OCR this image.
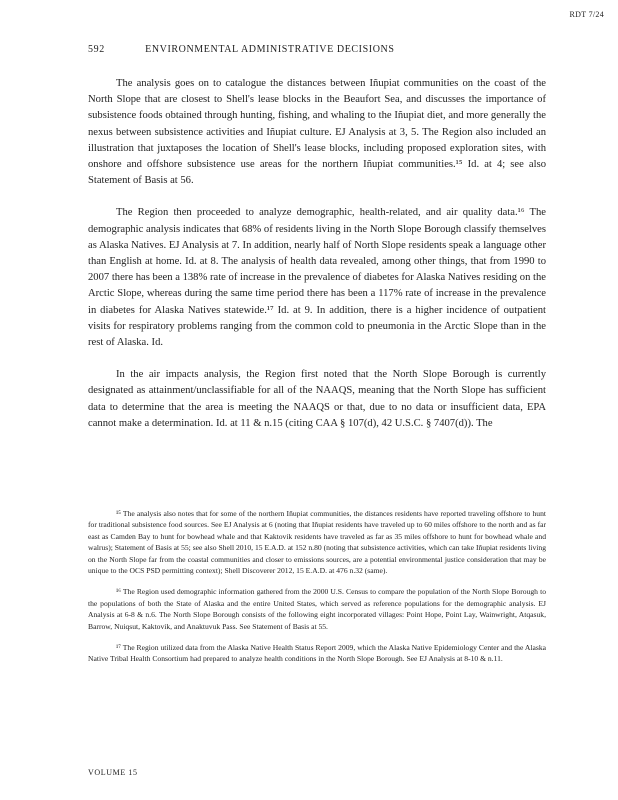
RDT 7/24
592	ENVIRONMENTAL ADMINISTRATIVE DECISIONS

The analysis goes on to catalogue the distances between Iñupiat communities on the coast of the North Slope that are closest to Shell's lease blocks in the Beaufort Sea, and discusses the importance of subsistence foods obtained through hunting, fishing, and whaling to the Iñupiat diet, and more generally the nexus between subsistence activities and Iñupiat culture. EJ Analysis at 3, 5. The Region also included an illustration that juxtaposes the location of Shell's lease blocks, including proposed exploration sites, with onshore and offshore subsistence use areas for the northern Iñupiat communities.¹⁵ Id. at 4; see also Statement of Basis at 56.

The Region then proceeded to analyze demographic, health-related, and air quality data.¹⁶ The demographic analysis indicates that 68% of residents living in the North Slope Borough classify themselves as Alaska Natives. EJ Analysis at 7. In addition, nearly half of North Slope residents speak a language other than English at home. Id. at 8. The analysis of health data revealed, among other things, that from 1990 to 2007 there has been a 138% rate of increase in the prevalence of diabetes for Alaska Natives residing on the Arctic Slope, whereas during the same time period there has been a 117% rate of increase in the prevalence in diabetes for Alaska Natives statewide.¹⁷ Id. at 9. In addition, there is a higher incidence of outpatient visits for respiratory problems ranging from the common cold to pneumonia in the Arctic Slope than in the rest of Alaska. Id.

In the air impacts analysis, the Region first noted that the North Slope Borough is currently designated as attainment/unclassifiable for all of the NAAQS, meaning that the North Slope has sufficient data to determine that the area is meeting the NAAQS or that, due to no data or insufficient data, EPA cannot make a determination. Id. at 11 & n.15 (citing CAA § 107(d), 42 U.S.C. § 7407(d)). The

¹⁵ The analysis also notes that for some of the northern Iñupiat communities, the distances residents have reported traveling offshore to hunt for traditional subsistence food sources. See EJ Analysis at 6 (noting that Iñupiat residents have traveled up to 60 miles offshore to the north and as far east as Camden Bay to hunt for bowhead whale and that Kaktovik residents have traveled as far as 35 miles offshore to hunt for bowhead whale and walrus); Statement of Basis at 55; see also Shell 2010, 15 E.A.D. at 152 n.80 (noting that subsistence activities, which can take Iñupiat residents living on the North Slope far from the coastal communities and closer to emissions sources, are a potential environmental justice consideration that may be unique to the OCS PSD permitting context); Shell Discoverer 2012, 15 E.A.D. at 476 n.32 (same).

¹⁶ The Region used demographic information gathered from the 2000 U.S. Census to compare the population of the North Slope Borough to the populations of both the State of Alaska and the entire United States, which served as reference populations for the demographic analysis. EJ Analysis at 6-8 & n.6. The North Slope Borough consists of the following eight incorporated villages: Point Hope, Point Lay, Wainwright, Atqasuk, Barrow, Nuiqsut, Kaktovik, and Anaktuvuk Pass. See Statement of Basis at 55.

¹⁷ The Region utilized data from the Alaska Native Health Status Report 2009, which the Alaska Native Epidemiology Center and the Alaska Native Tribal Health Consortium had prepared to analyze health conditions in the North Slope Borough. See EJ Analysis at 8-10 & n.11.

VOLUME 15
